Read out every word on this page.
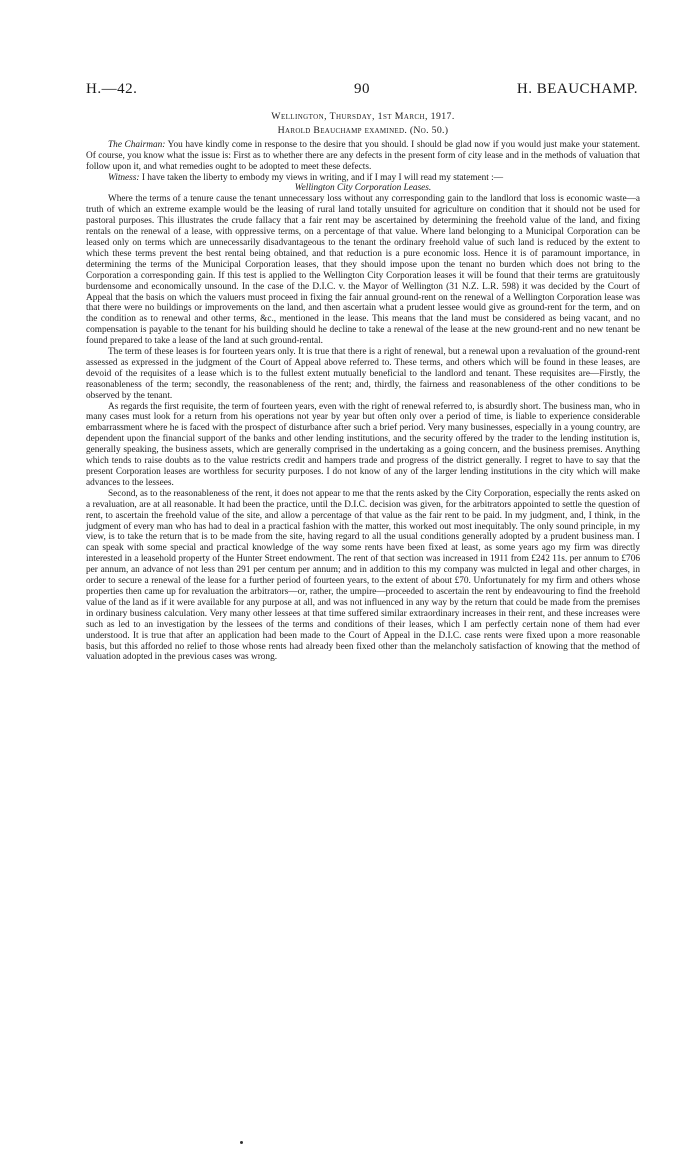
H.—42.	90	H. BEAUCHAMP.

Wellington, Thursday, 1st March, 1917.

Harold Beauchamp examined. (No. 50.)

The Chairman: You have kindly come in response to the desire that you should. I should be glad now if you would just make your statement. Of course, you know what the issue is: First as to whether there are any defects in the present form of city lease and in the methods of valuation that follow upon it, and what remedies ought to be adopted to meet these defects.

Witness: I have taken the liberty to embody my views in writing, and if I may I will read my statement :—

Wellington City Corporation Leases.

Where the terms of a tenure cause the tenant unnecessary loss without any corresponding gain to the landlord that loss is economic waste—a truth of which an extreme example would be the leasing of rural land totally unsuited for agriculture on condition that it should not be used for pastoral purposes. This illustrates the crude fallacy that a fair rent may be ascertained by determining the freehold value of the land, and fixing rentals on the renewal of a lease, with oppressive terms, on a percentage of that value. Where land belonging to a Municipal Corporation can be leased only on terms which are unnecessarily disadvantageous to the tenant the ordinary freehold value of such land is reduced by the extent to which these terms prevent the best rental being obtained, and that reduction is a pure economic loss. Hence it is of paramount importance, in determining the terms of the Municipal Corporation leases, that they should impose upon the tenant no burden which does not bring to the Corporation a corresponding gain. If this test is applied to the Wellington City Corporation leases it will be found that their terms are gratuitously burdensome and economically unsound. In the case of the D.I.C. v. the Mayor of Wellington (31 N.Z. L.R. 598) it was decided by the Court of Appeal that the basis on which the valuers must proceed in fixing the fair annual ground-rent on the renewal of a Wellington Corporation lease was that there were no buildings or improvements on the land, and then ascertain what a prudent lessee would give as ground-rent for the term, and on the condition as to renewal and other terms, &c., mentioned in the lease. This means that the land must be considered as being vacant, and no compensation is payable to the tenant for his building should he decline to take a renewal of the lease at the new ground-rent and no new tenant be found prepared to take a lease of the land at such ground-rental.

The term of these leases is for fourteen years only. It is true that there is a right of renewal, but a renewal upon a revaluation of the ground-rent assessed as expressed in the judgment of the Court of Appeal above referred to. These terms, and others which will be found in these leases, are devoid of the requisites of a lease which is to the fullest extent mutually beneficial to the landlord and tenant. These requisites are—Firstly, the reasonableness of the term; secondly, the reasonableness of the rent; and, thirdly, the fairness and reasonableness of the other conditions to be observed by the tenant.

As regards the first requisite, the term of fourteen years, even with the right of renewal referred to, is absurdly short. The business man, who in many cases must look for a return from his operations not year by year but often only over a period of time, is liable to experience considerable embarrassment where he is faced with the prospect of disturbance after such a brief period. Very many businesses, especially in a young country, are dependent upon the financial support of the banks and other lending institutions, and the security offered by the trader to the lending institution is, generally speaking, the business assets, which are generally comprised in the undertaking as a going concern, and the business premises. Anything which tends to raise doubts as to the value restricts credit and hampers trade and progress of the district generally. I regret to have to say that the present Corporation leases are worthless for security purposes. I do not know of any of the larger lending institutions in the city which will make advances to the lessees.

Second, as to the reasonableness of the rent, it does not appear to me that the rents asked by the City Corporation, especially the rents asked on a revaluation, are at all reasonable. It had been the practice, until the D.I.C. decision was given, for the arbitrators appointed to settle the question of rent, to ascertain the freehold value of the site, and allow a percentage of that value as the fair rent to be paid. In my judgment, and, I think, in the judgment of every man who has had to deal in a practical fashion with the matter, this worked out most inequitably. The only sound principle, in my view, is to take the return that is to be made from the site, having regard to all the usual conditions generally adopted by a prudent business man. I can speak with some special and practical knowledge of the way some rents have been fixed at least, as some years ago my firm was directly interested in a leasehold property of the Hunter Street endowment. The rent of that section was increased in 1911 from £242 11s. per annum to £706 per annum, an advance of not less than 291 per centum per annum; and in addition to this my company was mulcted in legal and other charges, in order to secure a renewal of the lease for a further period of fourteen years, to the extent of about £70. Unfortunately for my firm and others whose properties then came up for revaluation the arbitrators—or, rather, the umpire—proceeded to ascertain the rent by endeavouring to find the freehold value of the land as if it were available for any purpose at all, and was not influenced in any way by the return that could be made from the premises in ordinary business calculation. Very many other lessees at that time suffered similar extraordinary increases in their rent, and these increases were such as led to an investigation by the lessees of the terms and conditions of their leases, which I am perfectly certain none of them had ever understood. It is true that after an application had been made to the Court of Appeal in the D.I.C. case rents were fixed upon a more reasonable basis, but this afforded no relief to those whose rents had already been fixed other than the melancholy satisfaction of knowing that the method of valuation adopted in the previous cases was wrong.
